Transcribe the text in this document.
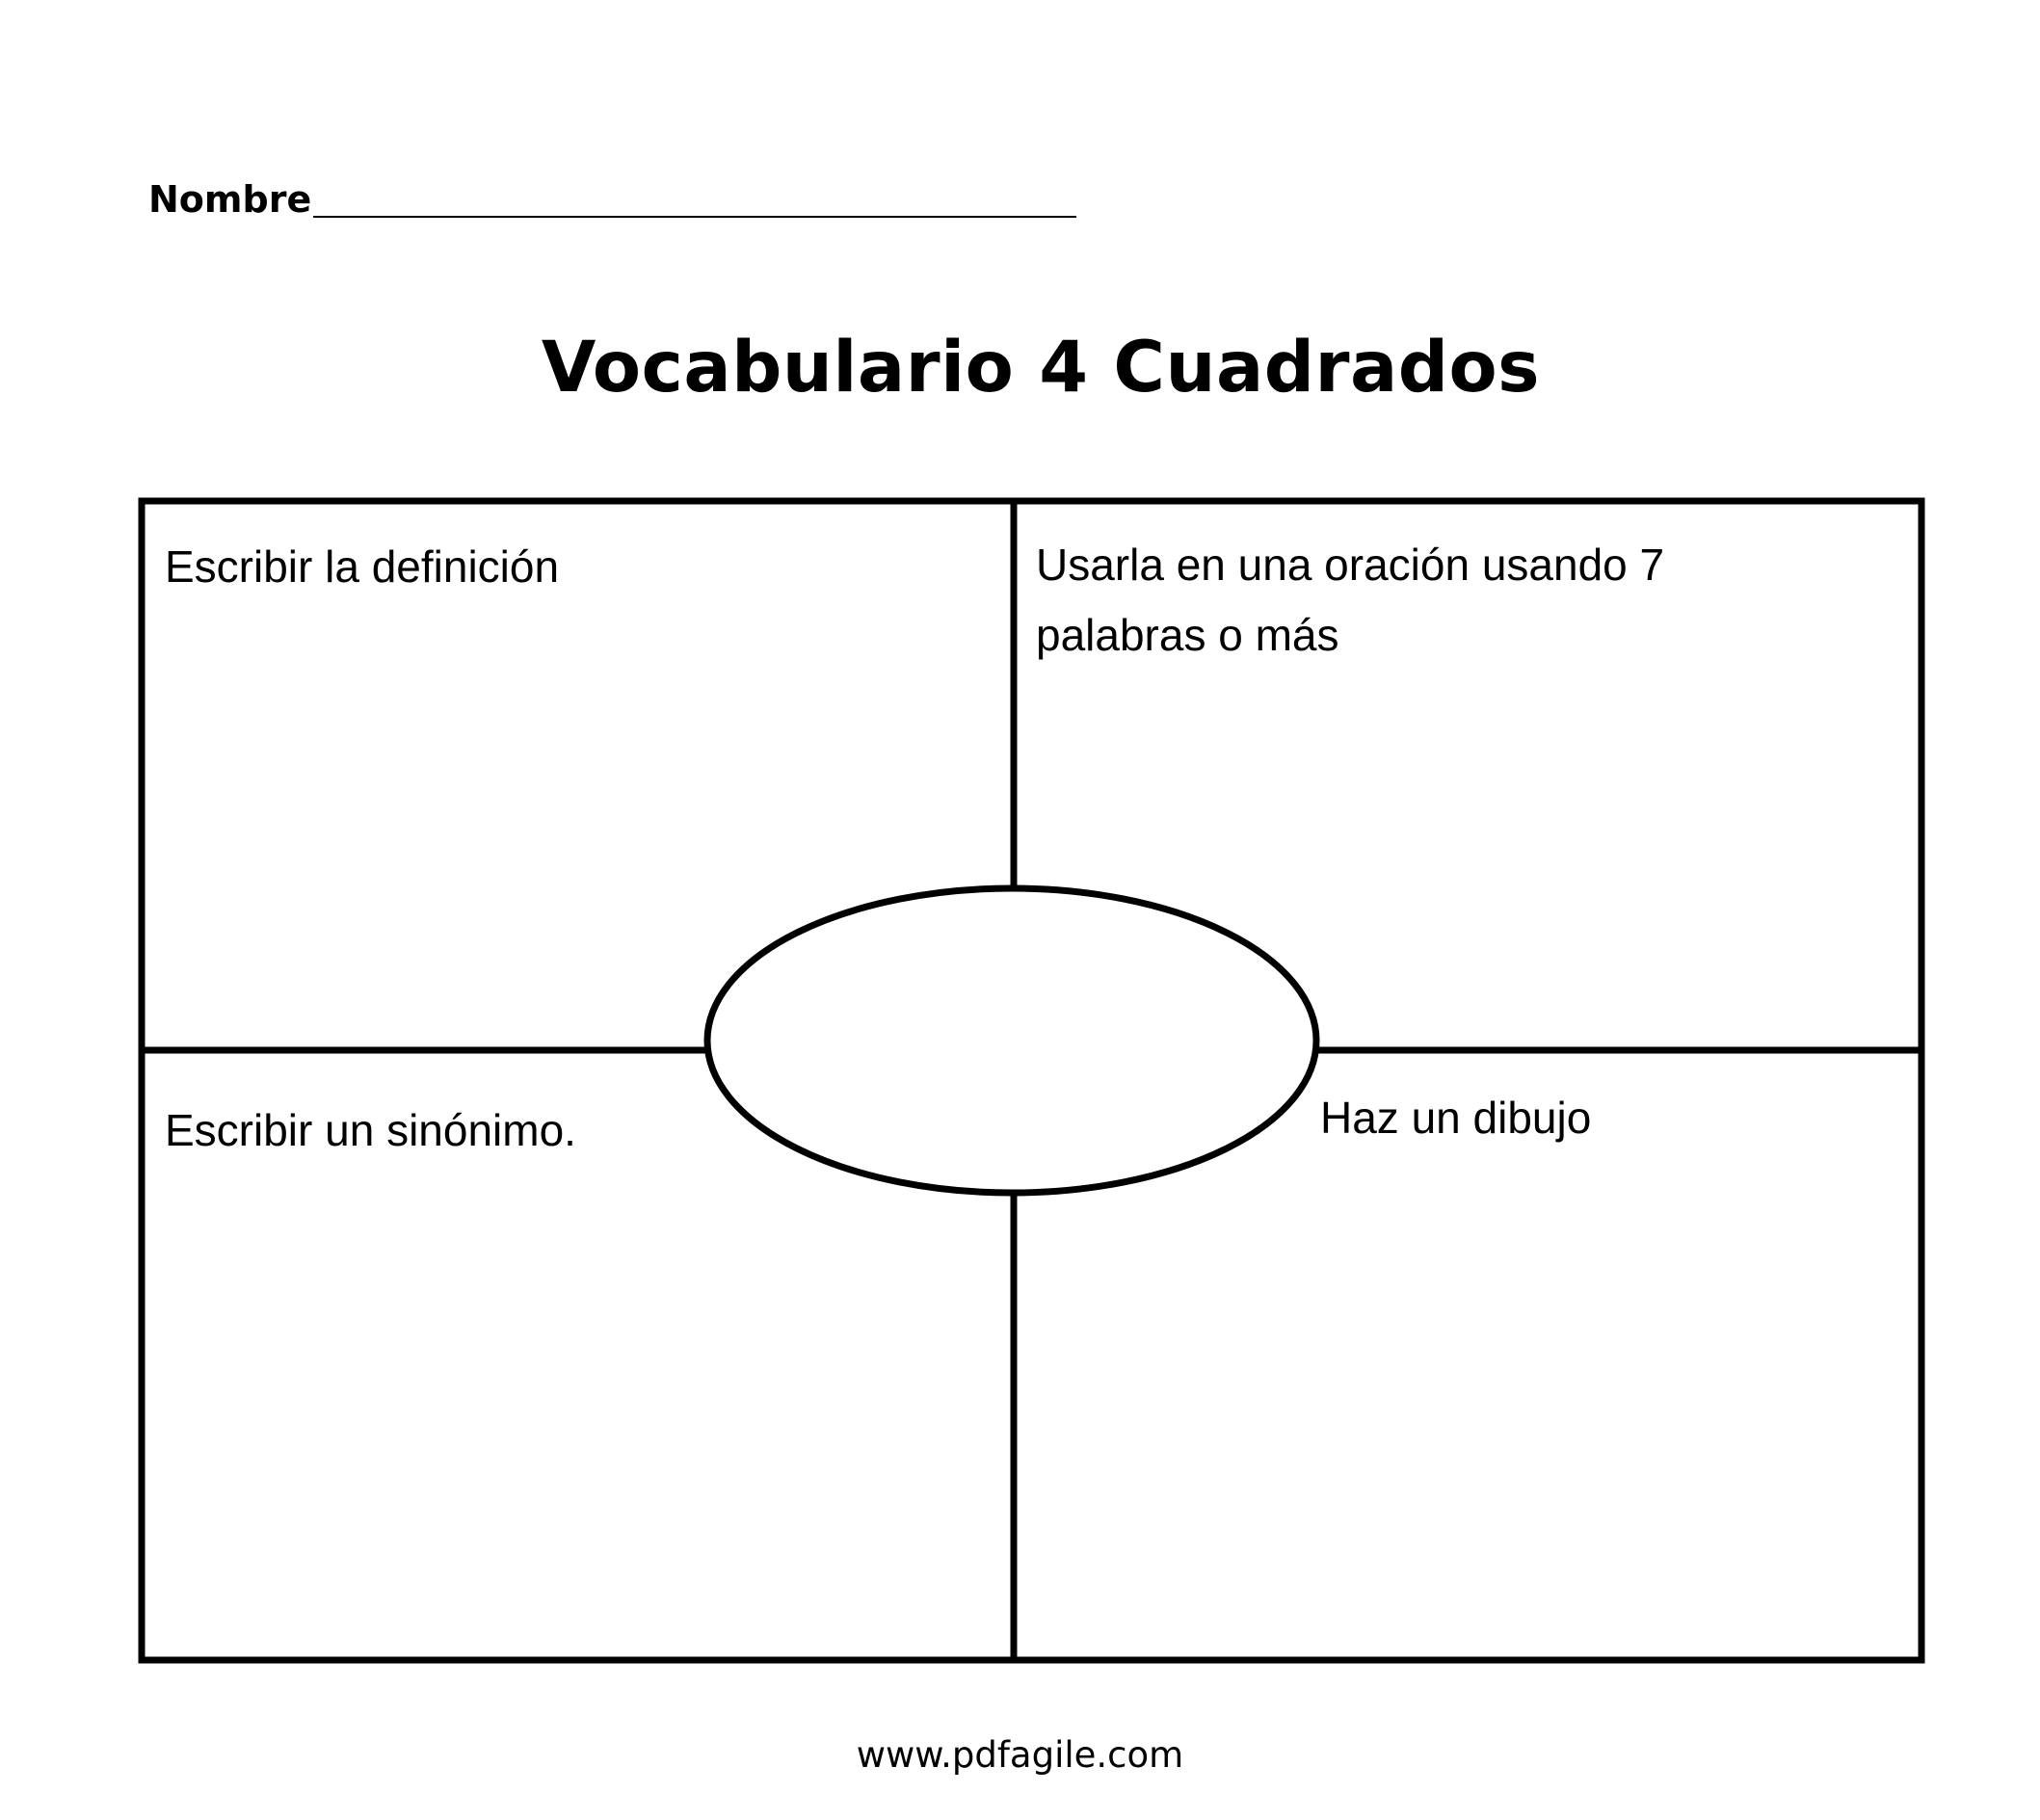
Nombre
Vocabulario 4 Cuadrados
Escribir la definición	Usarla en una oración usando 7 palabras o más
Escribir un sinónimo.	Haz un dibujo
www.pdfagile.com
